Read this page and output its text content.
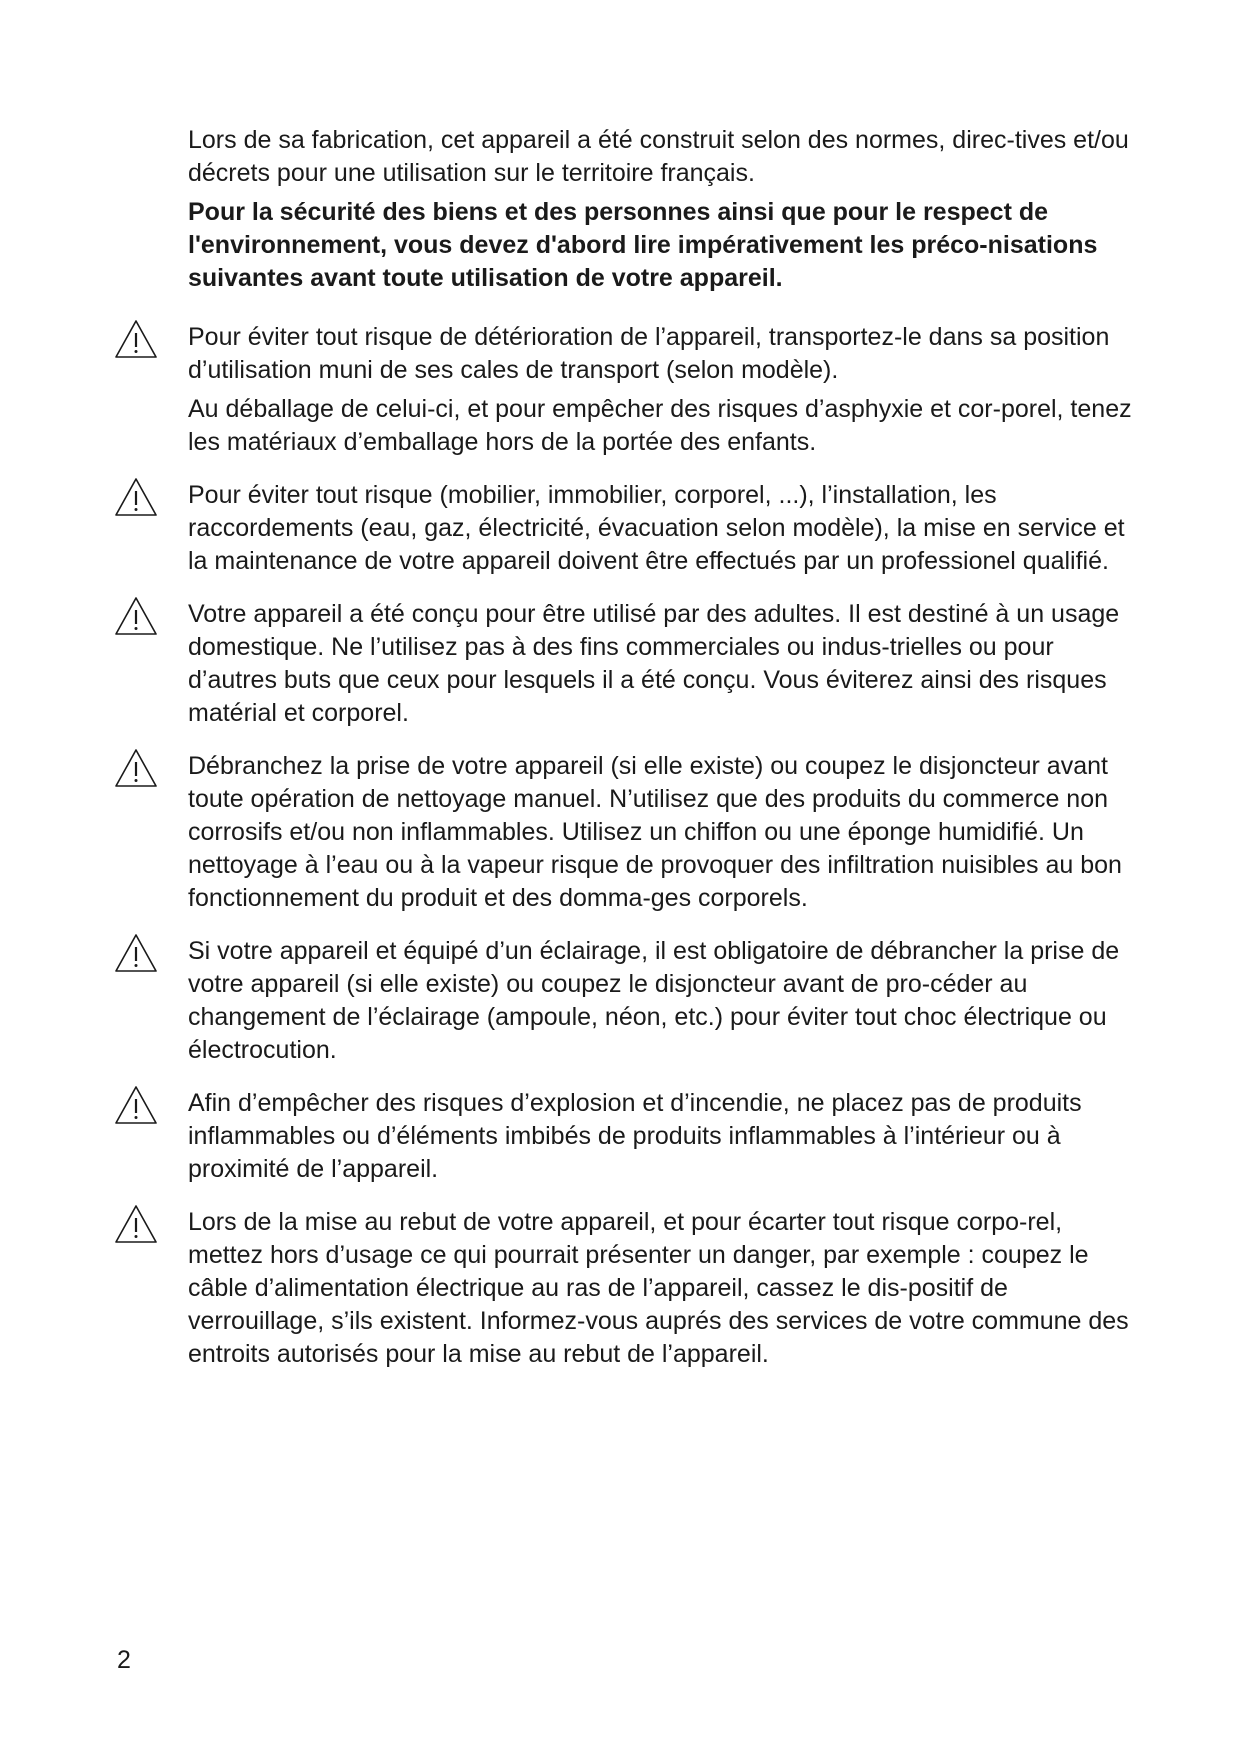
Lors de sa fabrication, cet appareil a été construit selon des normes, direc-tives et/ou décrets pour une utilisation sur le territoire français.

Pour la sécurité des biens et des personnes ainsi que pour le respect de l'environnement, vous devez d'abord lire impérativement les préco-nisations suivantes avant toute utilisation de votre appareil.

Pour éviter tout risque de détérioration de l’appareil, transportez-le dans sa position d’utilisation muni de ses cales de transport (selon modèle).

Au déballage de celui-ci, et pour empêcher des risques d’asphyxie et cor-porel, tenez les matériaux d’emballage hors de la portée des enfants.

Pour éviter tout risque (mobilier, immobilier, corporel, ...), l’installation, les raccordements (eau, gaz, électricité, évacuation selon modèle), la mise en service et la maintenance de votre appareil doivent être effectués par un professionel qualifié.

Votre appareil a été conçu pour être utilisé par des adultes. Il est destiné à un usage domestique. Ne l’utilisez pas à des fins commerciales ou indus-trielles ou pour d’autres buts que ceux pour lesquels il a été conçu. Vous éviterez ainsi des risques matérial et corporel.

Débranchez la prise de votre appareil (si elle existe) ou coupez le disjoncteur avant toute opération de nettoyage manuel. N’utilisez que des produits du commerce non corrosifs et/ou non inflammables. Utilisez un chiffon ou une éponge humidifié. Un nettoyage à l’eau ou à la vapeur risque de provoquer des infiltration nuisibles au bon fonctionnement du produit et des domma-ges corporels.

Si votre appareil et équipé d’un éclairage, il est obligatoire de débrancher la prise de votre appareil (si elle existe) ou coupez le disjoncteur avant de pro-céder au changement de l’éclairage (ampoule, néon, etc.) pour éviter tout choc électrique ou électrocution.

Afin d’empêcher des risques d’explosion et d’incendie, ne placez pas de produits inflammables ou d’éléments imbibés de produits inflammables à l’intérieur ou à proximité de l’appareil.

Lors de la mise au rebut de votre appareil, et pour écarter tout risque corpo-rel, mettez hors d’usage ce qui pourrait présenter un danger, par exemple : coupez le câble d’alimentation électrique au ras de l’appareil, cassez le dis-positif de verrouillage, s’ils existent. Informez-vous auprés des services de votre commune des entroits autorisés pour la mise au rebut de l’appareil.

2
